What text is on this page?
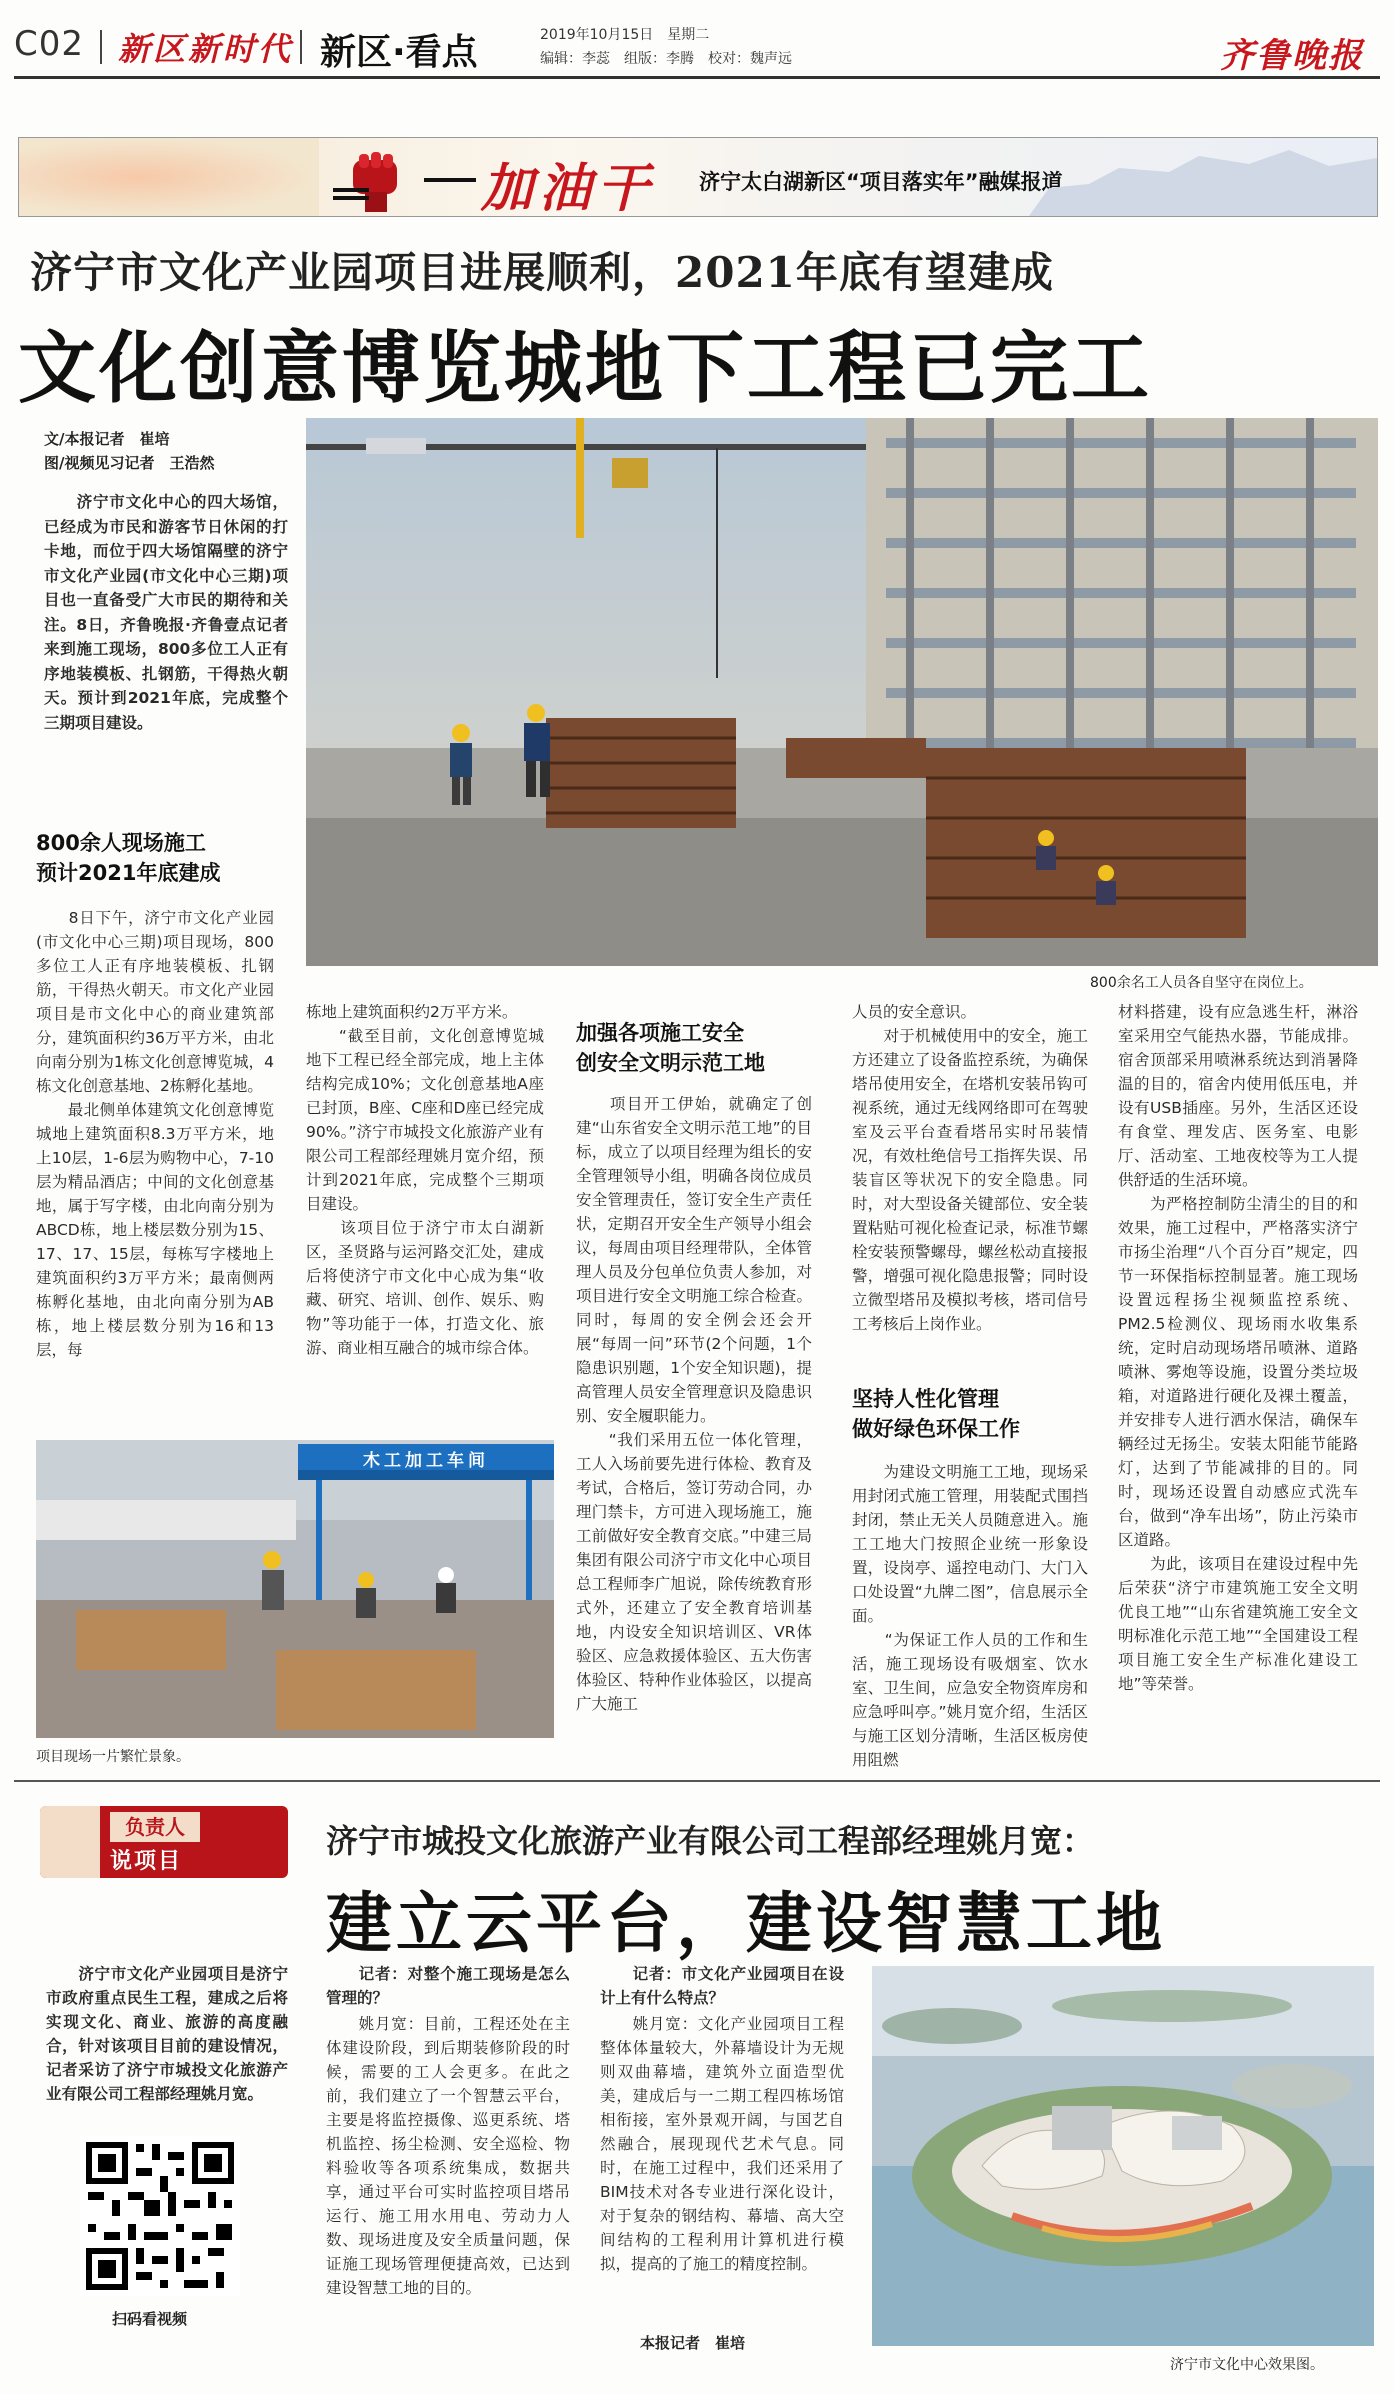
C02 新区新时代 新区·看点	2019年10月15日　星期二
编辑：李蕊　组版：李腾　校对：魏声远	齐鲁晚报
加油干 济宁太白湖新区“项目落实年”融媒报道
济宁市文化产业园项目进展顺利，2021年底有望建成
文化创意博览城地下工程已完工
文/本报记者　崔培
图/视频见习记者　王浩然
　　济宁市文化中心的四大场馆，已经成为市民和游客节日休闲的打卡地，而位于四大场馆隔壁的济宁市文化产业园(市文化中心三期)项目也一直备受广大市民的期待和关注。8日，齐鲁晚报·齐鲁壹点记者来到施工现场，800多位工人正有序地装模板、扎钢筋，干得热火朝天。预计到2021年底，完成整个三期项目建设。
800余名工人员各自坚守在岗位上。
800余人现场施工
预计2021年底建成
　　8日下午，济宁市文化产业园(市文化中心三期)项目现场，800多位工人正有序地装模板、扎钢筋，干得热火朝天。市文化产业园项目是市文化中心的商业建筑部分，建筑面积约36万平方米，由北向南分别为1栋文化创意博览城，4栋文化创意基地、2栋孵化基地。
　　最北侧单体建筑文化创意博览城地上建筑面积8.3万平方米，地上10层，1-6层为购物中心，7-10层为精品酒店；中间的文化创意基地，属于写字楼，由北向南分别为ABCD栋，地上楼层数分别为15、17、17、15层，每栋写字楼地上建筑面积约3万平方米；最南侧两栋孵化基地，由北向南分别为AB栋，地上楼层数分别为16和13层，每
栋地上建筑面积约2万平方米。
　　“截至目前，文化创意博览城地下工程已经全部完成，地上主体结构完成10%；文化创意基地A座已封顶，B座、C座和D座已经完成90%。”济宁市城投文化旅游产业有限公司工程部经理姚月宽介绍，预计到2021年底，完成整个三期项目建设。
　　该项目位于济宁市太白湖新区，圣贤路与运河路交汇处，建成后将使济宁市文化中心成为集“收藏、研究、培训、创作、娱乐、购物”等功能于一体，打造文化、旅游、商业相互融合的城市综合体。
加强各项施工安全
创安全文明示范工地
　　项目开工伊始，就确定了创建“山东省安全文明示范工地”的目标，成立了以项目经理为组长的安全管理领导小组，明确各岗位成员安全管理责任，签订安全生产责任状，定期召开安全生产领导小组会议，每周由项目经理带队，全体管理人员及分包单位负责人参加，对项目进行安全文明施工综合检查。同时，每周的安全例会还会开展“每周一问”环节(2个问题，1个隐患识别题，1个安全知识题)，提高管理人员安全管理意识及隐患识别、安全履职能力。
　　“我们采用五位一体化管理，工人入场前要先进行体检、教育及考试，合格后，签订劳动合同，办理门禁卡，方可进入现场施工，施工前做好安全教育交底。”中建三局集团有限公司济宁市文化中心项目总工程师李广旭说，除传统教育形式外，还建立了安全教育培训基地，内设安全知识培训区、VR体验区、应急救援体验区、五大伤害体验区、特种作业体验区，以提高广大施工
人员的安全意识。
　　对于机械使用中的安全，施工方还建立了设备监控系统，为确保塔吊使用安全，在塔机安装吊钩可视系统，通过无线网络即可在驾驶室及云平台查看塔吊实时吊装情况，有效杜绝信号工指挥失误、吊装盲区等状况下的安全隐患。同时，对大型设备关键部位、安全装置粘贴可视化检查记录，标准节螺栓安装预警螺母，螺丝松动直接报警，增强可视化隐患报警；同时设立微型塔吊及模拟考核，塔司信号工考核后上岗作业。
坚持人性化管理
做好绿色环保工作
　　为建设文明施工工地，现场采用封闭式施工管理，用装配式围挡封闭，禁止无关人员随意进入。施工工地大门按照企业统一形象设置，设岗亭、遥控电动门、大门入口处设置“九牌二图”，信息展示全面。
　　“为保证工作人员的工作和生活，施工现场设有吸烟室、饮水室、卫生间，应急安全物资库房和应急呼叫亭。”姚月宽介绍，生活区与施工区划分清晰，生活区板房使用阻燃
材料搭建，设有应急逃生杆，淋浴室采用空气能热水器，节能成排。宿舍顶部采用喷淋系统达到消暑降温的目的，宿舍内使用低压电，并设有USB插座。另外，生活区还设有食堂、理发店、医务室、电影厅、活动室、工地夜校等为工人提供舒适的生活环境。
　　为严格控制防尘清尘的目的和效果，施工过程中，严格落实济宁市扬尘治理“八个百分百”规定，四节一环保指标控制显著。施工现场设置远程扬尘视频监控系统、PM2.5检测仪、现场雨水收集系统，定时启动现场塔吊喷淋、道路喷淋、雾炮等设施，设置分类垃圾箱，对道路进行硬化及裸土覆盖，并安排专人进行洒水保洁，确保车辆经过无扬尘。安装太阳能节能路灯，达到了节能减排的目的。同时，现场还设置自动感应式洗车台，做到“净车出场”，防止污染市区道路。
　　为此，该项目在建设过程中先后荣获“济宁市建筑施工安全文明优良工地”“山东省建筑施工安全文明标准化示范工地”“全国建设工程项目施工安全生产标准化建设工地”等荣誉。
木工加工车间
项目现场一片繁忙景象。
负责人
说项目
济宁市城投文化旅游产业有限公司工程部经理姚月宽：
建立云平台，建设智慧工地
　　济宁市文化产业园项目是济宁市政府重点民生工程，建成之后将实现文化、商业、旅游的高度融合，针对该项目目前的建设情况，记者采访了济宁市城投文化旅游产业有限公司工程部经理姚月宽。
扫码看视频
　　记者：对整个施工现场是怎么管理的？
　　姚月宽：目前，工程还处在主体建设阶段，到后期装修阶段的时候，需要的工人会更多。在此之前，我们建立了一个智慧云平台，主要是将监控摄像、巡更系统、塔机监控、扬尘检测、安全巡检、物料验收等各项系统集成，数据共享，通过平台可实时监控项目塔吊运行、施工用水用电、劳动力人数、现场进度及安全质量问题，保证施工现场管理便捷高效，已达到建设智慧工地的目的。
　　记者：市文化产业园项目在设计上有什么特点？
　　姚月宽：文化产业园项目工程整体体量较大，外幕墙设计为无规则双曲幕墙，建筑外立面造型优美，建成后与一二期工程四栋场馆相衔接，室外景观开阔，与国艺自然融合，展现现代艺术气息。同时，在施工过程中，我们还采用了BIM技术对各专业进行深化设计，对于复杂的钢结构、幕墙、高大空间结构的工程利用计算机进行模拟，提高的了施工的精度控制。
本报记者　崔培
济宁市文化中心效果图。
